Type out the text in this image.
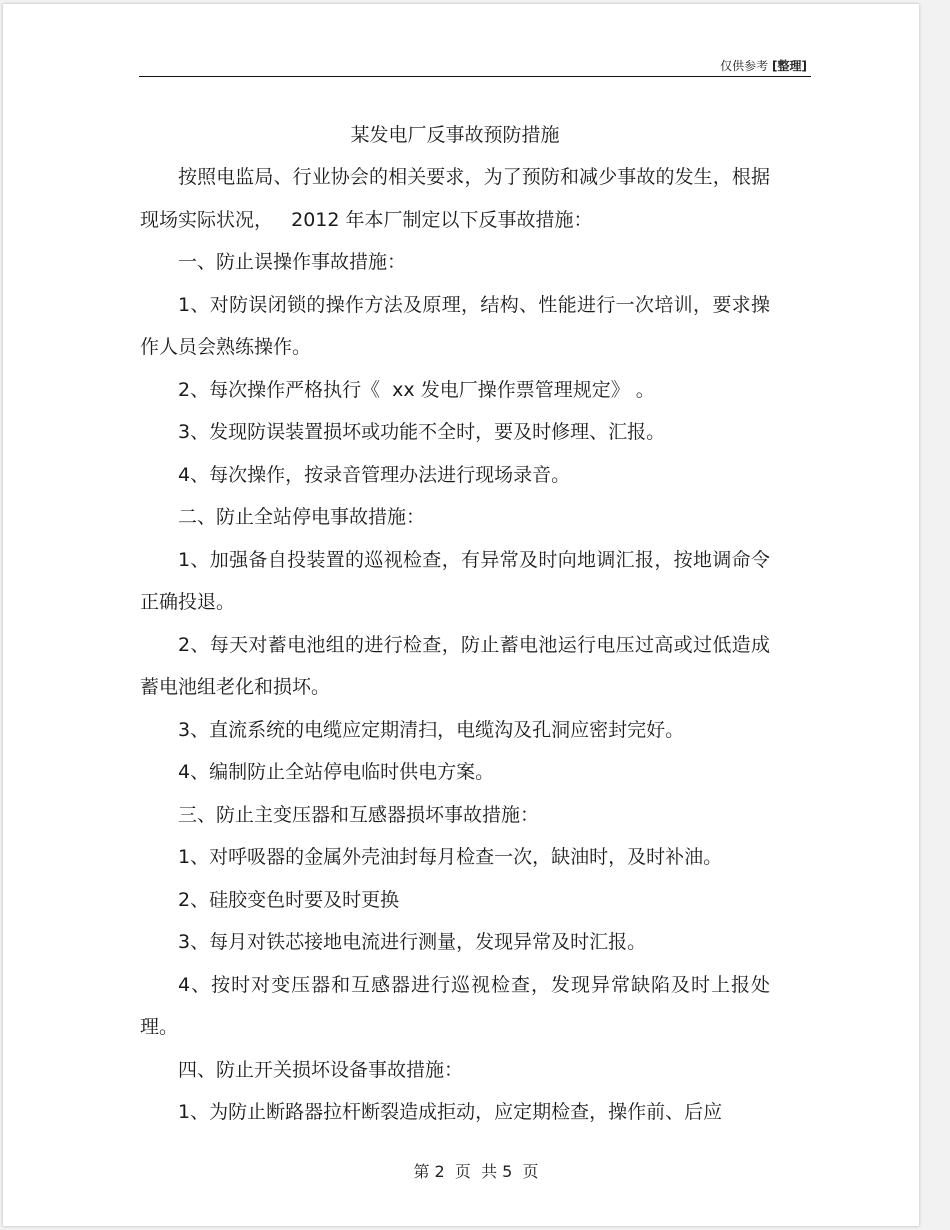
仅供参考 [整理]

某发电厂反事故预防措施

按照电监局、行业协会的相关要求，为了预防和减少事故的发生，根据现场实际状况，   2012 年本厂制定以下反事故措施：

一、防止误操作事故措施：

1、对防误闭锁的操作方法及原理，结构、性能进行一次培训，要求操作人员会熟练操作。

2、每次操作严格执行《  xx 发电厂操作票管理规定》 。

3、发现防误装置损坏或功能不全时，要及时修理、汇报。

4、每次操作，按录音管理办法进行现场录音。

二、防止全站停电事故措施：

1、加强备自投装置的巡视检查，有异常及时向地调汇报，按地调命令正确投退。

2、每天对蓄电池组的进行检查，防止蓄电池运行电压过高或过低造成蓄电池组老化和损坏。

3、直流系统的电缆应定期清扫，电缆沟及孔洞应密封完好。

4、编制防止全站停电临时供电方案。

三、防止主变压器和互感器损坏事故措施：

1、对呼吸器的金属外壳油封每月检查一次，缺油时，及时补油。

2、硅胶变色时要及时更换

3、每月对铁芯接地电流进行测量，发现异常及时汇报。

4、按时对变压器和互感器进行巡视检查，发现异常缺陷及时上报处理。

四、防止开关损坏设备事故措施：

1、为防止断路器拉杆断裂造成拒动，应定期检查，操作前、后应

第 2  页  共 5  页
